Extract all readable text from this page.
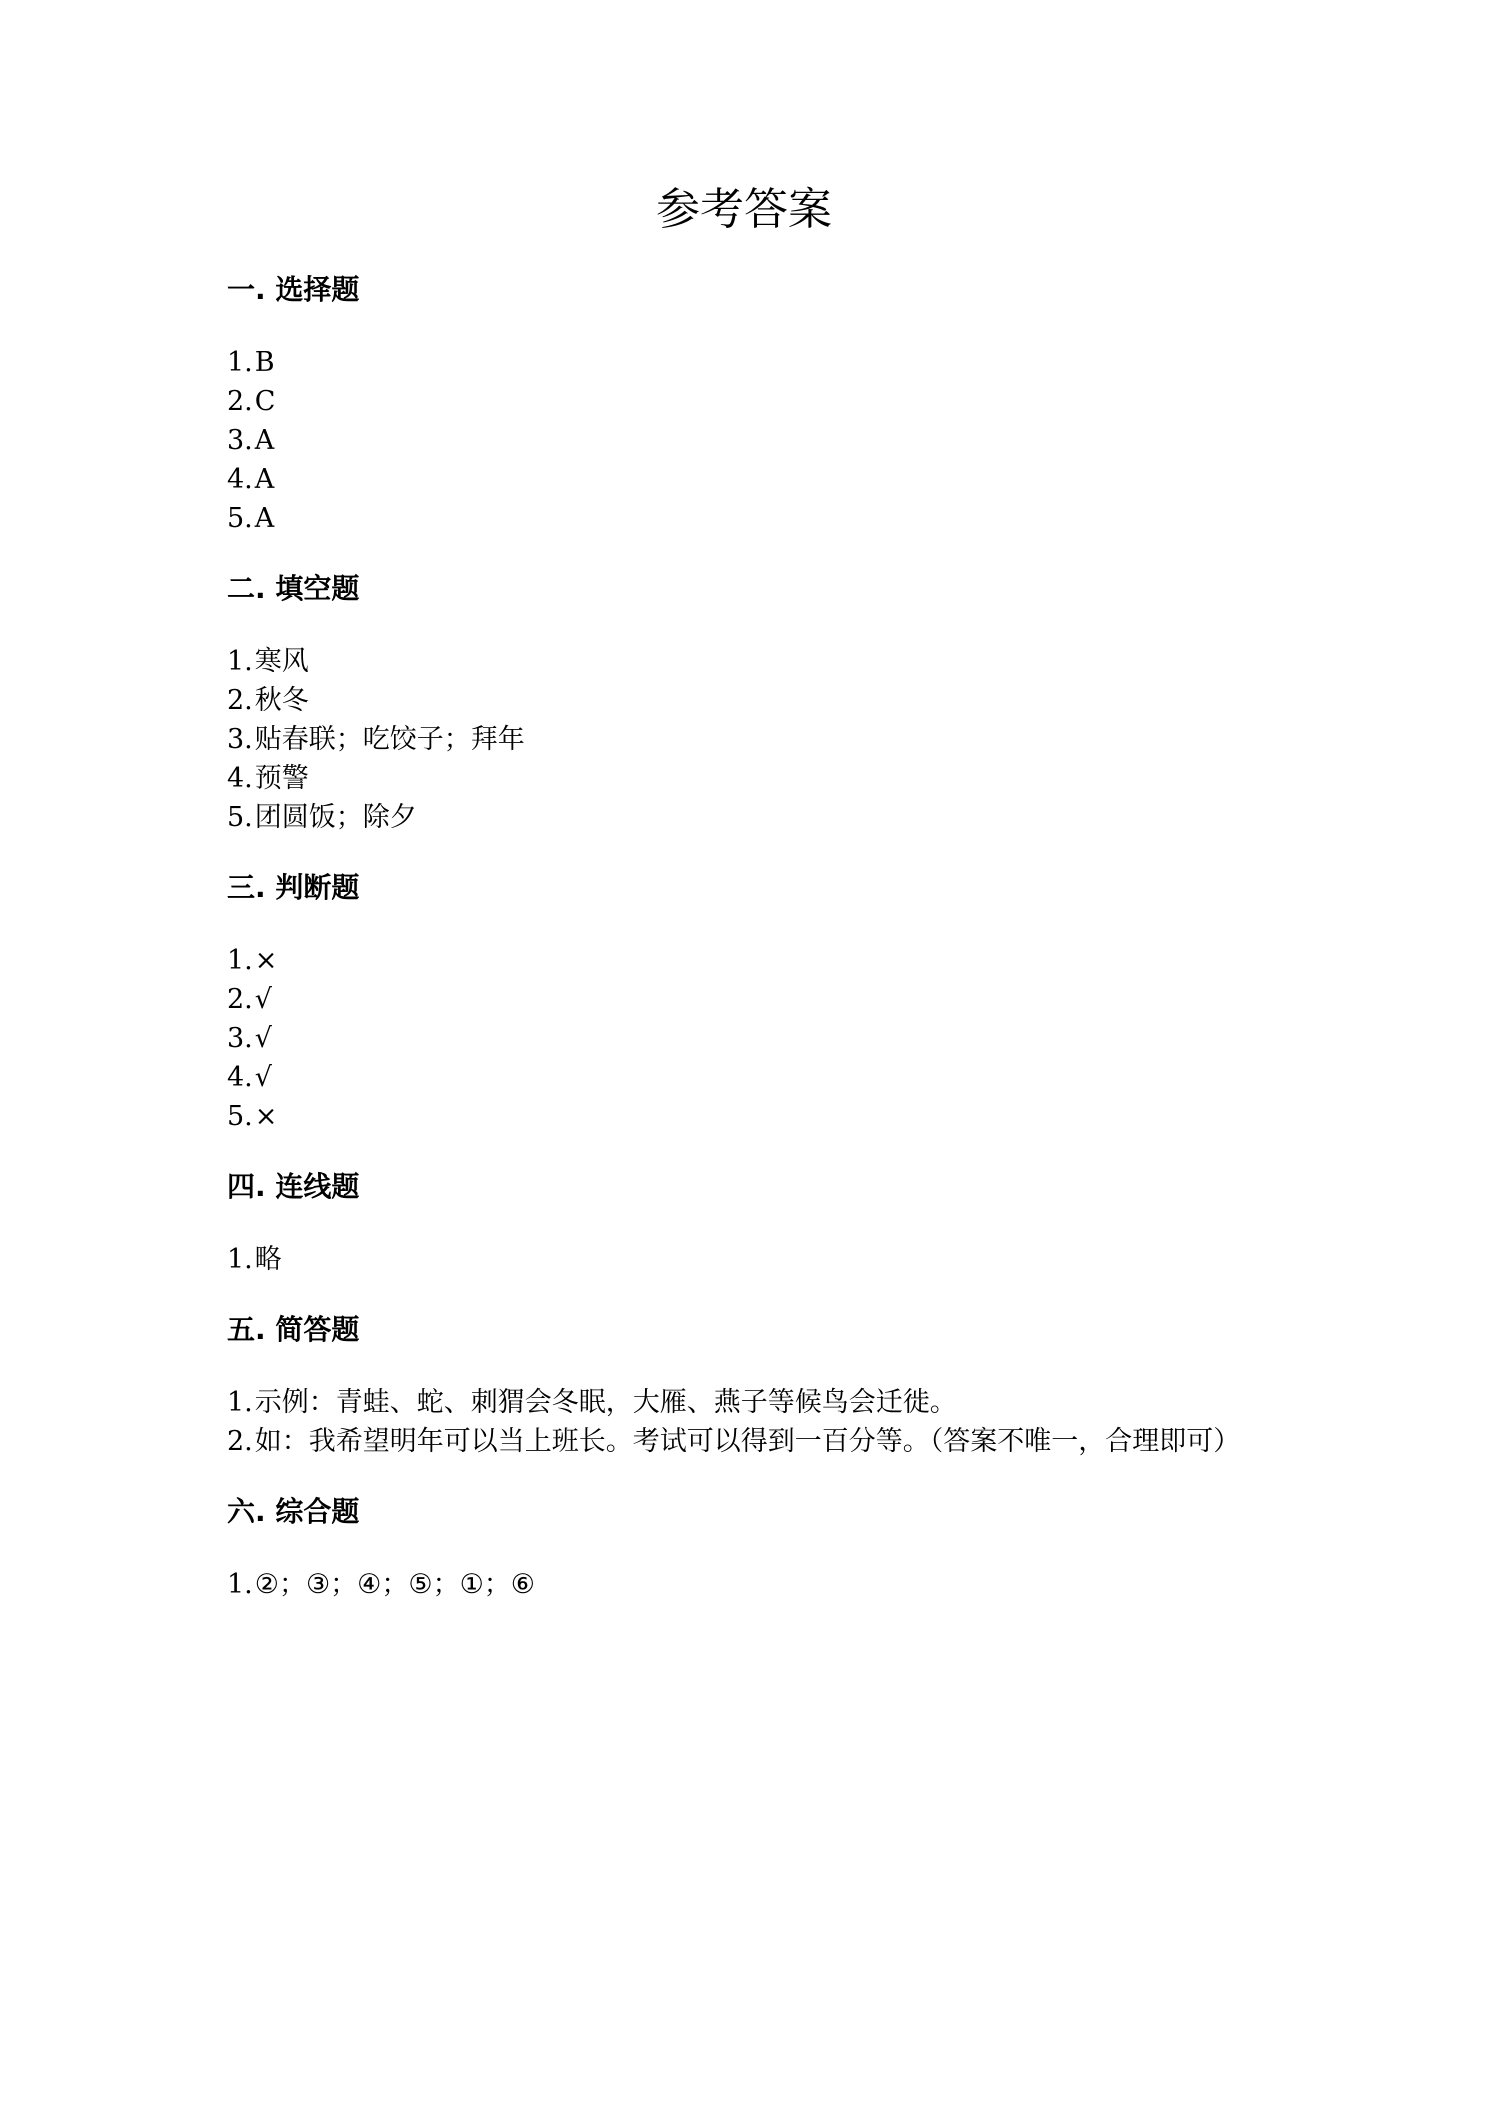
参考答案
一. 选择题
1.B
2.C
3.A
4.A
5.A
二. 填空题
1.寒风
2.秋冬
3.贴春联；吃饺子；拜年
4.预警
5.团圆饭；除夕
三. 判断题
1.×
2.√
3.√
4.√
5.×
四. 连线题
1.略
五. 简答题
1.示例：青蛙、蛇、刺猬会冬眠，大雁、燕子等候鸟会迁徙。
2.如：我希望明年可以当上班长。考试可以得到一百分等。（答案不唯一，合理即可）
六. 综合题
1.②；③；④；⑤；①；⑥
